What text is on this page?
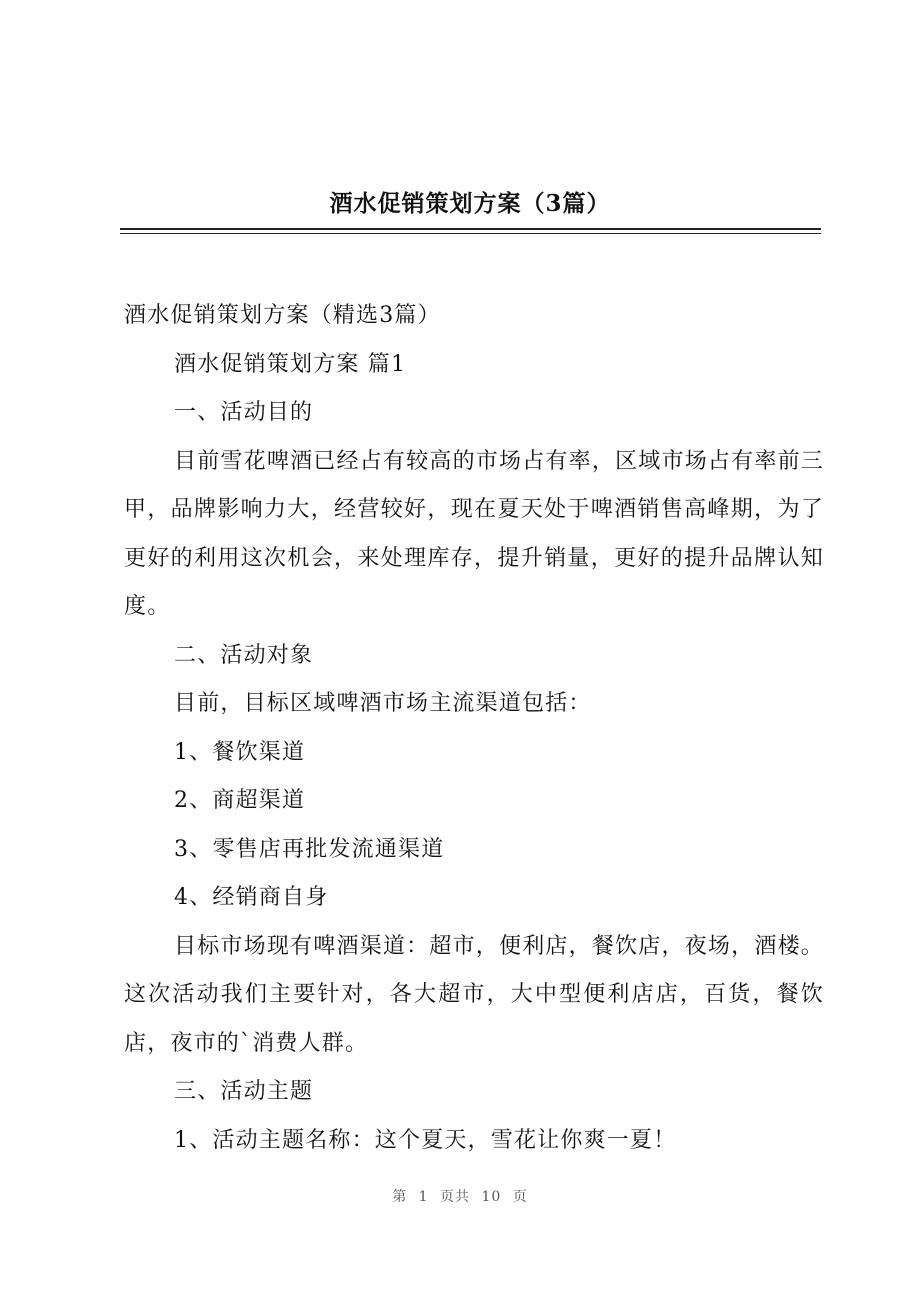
酒水促销策划方案（3篇）

酒水促销策划方案（精选3篇）

酒水促销策划方案 篇1

一、活动目的

目前雪花啤酒已经占有较高的市场占有率，区域市场占有率前三甲，品牌影响力大，经营较好，现在夏天处于啤酒销售高峰期，为了更好的利用这次机会，来处理库存，提升销量，更好的提升品牌认知度。

二、活动对象

目前，目标区域啤酒市场主流渠道包括：

1、餐饮渠道

2、商超渠道

3、零售店再批发流通渠道

4、经销商自身

目标市场现有啤酒渠道：超市，便利店，餐饮店，夜场，酒楼。这次活动我们主要针对，各大超市，大中型便利店店，百货，餐饮店，夜市的`消费人群。

三、活动主题

1、活动主题名称：这个夏天，雪花让你爽一夏！

第 1 页共 10 页
